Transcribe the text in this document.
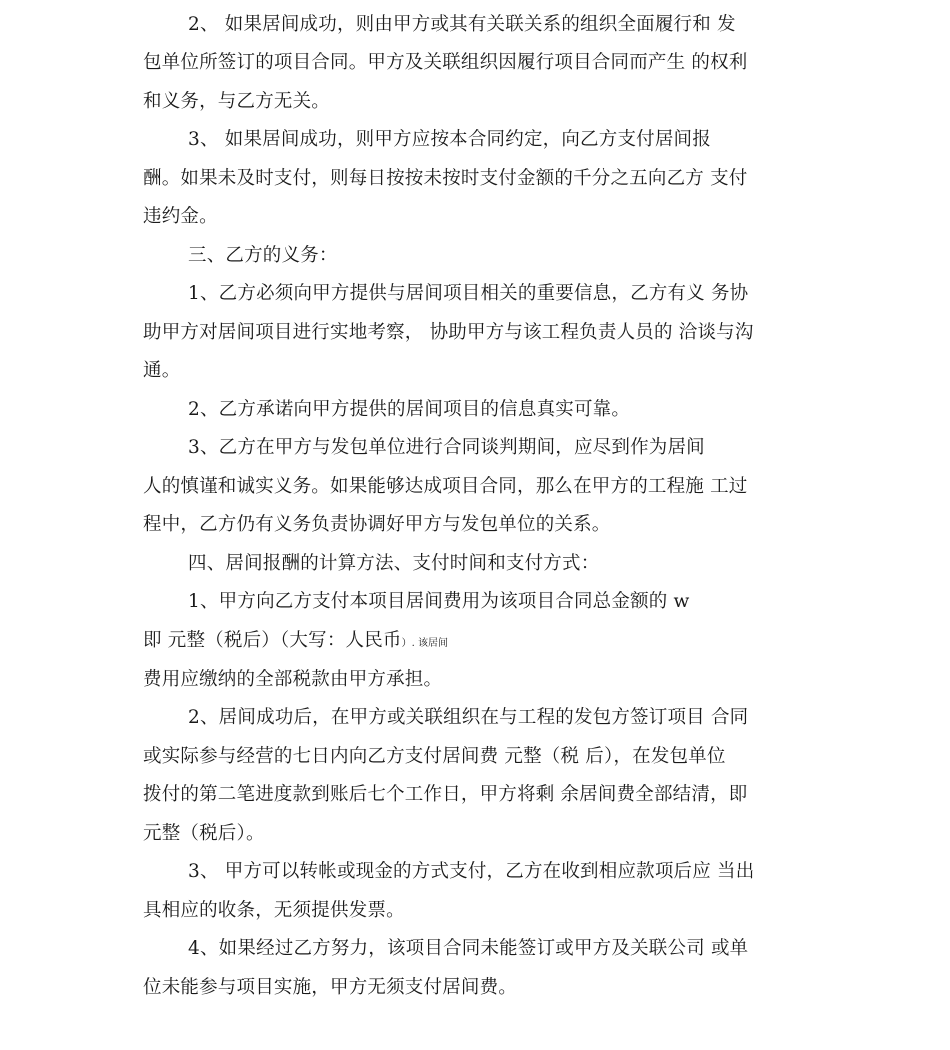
2、 如果居间成功，则由甲方或其有关联关系的组织全面履行和 发
包单位所签订的项目合同。甲方及关联组织因履行项目合同而产生 的权利
和义务，与乙方无关。
3、 如果居间成功，则甲方应按本合同约定，向乙方支付居间报
酬。如果未及时支付，则每日按按未按时支付金额的千分之五向乙方 支付
违约金。
三、乙方的义务：
1、乙方必须向甲方提供与居间项目相关的重要信息，乙方有义 务协
助甲方对居间项目进行实地考察， 协助甲方与该工程负责人员的 洽谈与沟
通。
2、乙方承诺向甲方提供的居间项目的信息真实可靠。
3、乙方在甲方与发包单位进行合同谈判期间，应尽到作为居间
人的慎谨和诚实义务。如果能够达成项目合同，那么在甲方的工程施 工过
程中，乙方仍有义务负责协调好甲方与发包单位的关系。
四、居间报酬的计算方法、支付时间和支付方式：
1、甲方向乙方支付本项目居间费用为该项目合同总金额的 w
即 元整（税后）（大写：人民币）. 该居间
费用应缴纳的全部税款由甲方承担。
2、居间成功后，在甲方或关联组织在与工程的发包方签订项目 合同
或实际参与经营的七日内向乙方支付居间费 元整（税 后），在发包单位
拨付的第二笔进度款到账后七个工作日，甲方将剩 余居间费全部结清，即
元整（税后）。
3、 甲方可以转帐或现金的方式支付，乙方在收到相应款项后应 当出
具相应的收条，无须提供发票。
4、如果经过乙方努力，该项目合同未能签订或甲方及关联公司 或单
位未能参与项目实施，甲方无须支付居间费。
